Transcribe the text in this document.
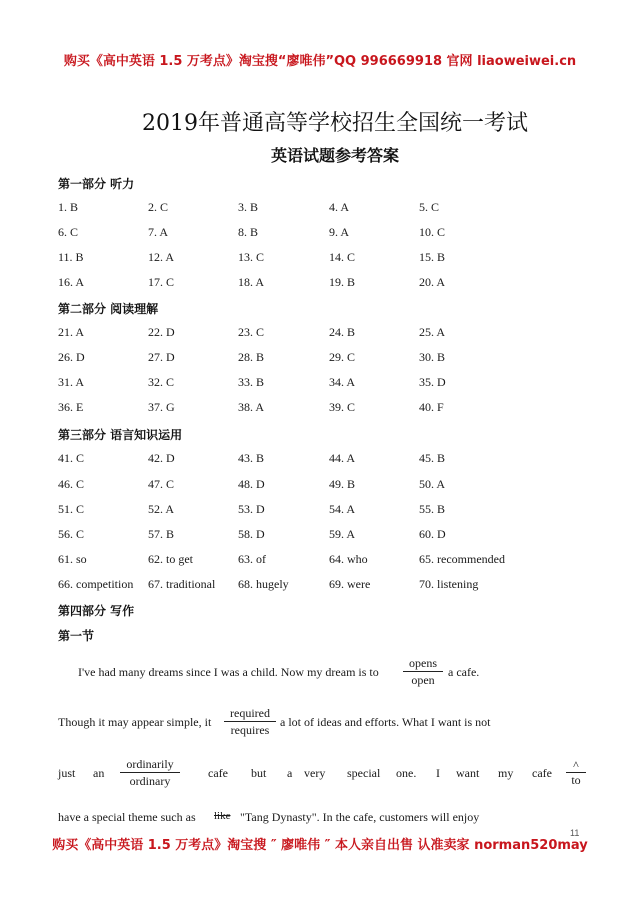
购买《高中英语 1.5 万考点》淘宝搜“廖唯伟”QQ 996669918 官网 liaoweiwei.cn
2019年普通高等学校招生全国统一考试
英语试题参考答案
第一部分 听力
1. B	2. C	3. B	4. A	5. C
6. C	7. A	8. B	9. A	10. C
11. B	12. A	13. C	14. C	15. B
16. A	17. C	18. A	19. B	20. A
第二部分 阅读理解
21. A	22. D	23. C	24. B	25. A
26. D	27. D	28. B	29. C	30. B
31. A	32. C	33. B	34. A	35. D
36. E	37. G	38. A	39. C	40. F
第三部分 语言知识运用
41. C	42. D	43. B	44. A	45. B
46. C	47. C	48. D	49. B	50. A
51. C	52. A	53. D	54. A	55. B
56. C	57. B	58. D	59. A	60. D
61. so	62. to get	63. of	64. who	65. recommended
66. competition 67. traditional 68. hugely	69. were	70. listening
第四部分 写作
第一节
I've had many dreams since I was a child. Now my dream is to
opens
open
a cafe.
Though it may appear simple, it
required
requires
a lot of ideas and efforts. What I want is not
just an
ordinarily
ordinary
cafe but a very special one. I want my cafe
^
to
have a special theme such as like "Tang Dynasty". In the cafe, customers will enjoy
11
购买《高中英语 1.5 万考点》淘宝搜 ″ 廖唯伟 ″ 本人亲自出售 认准卖家 norman520may
